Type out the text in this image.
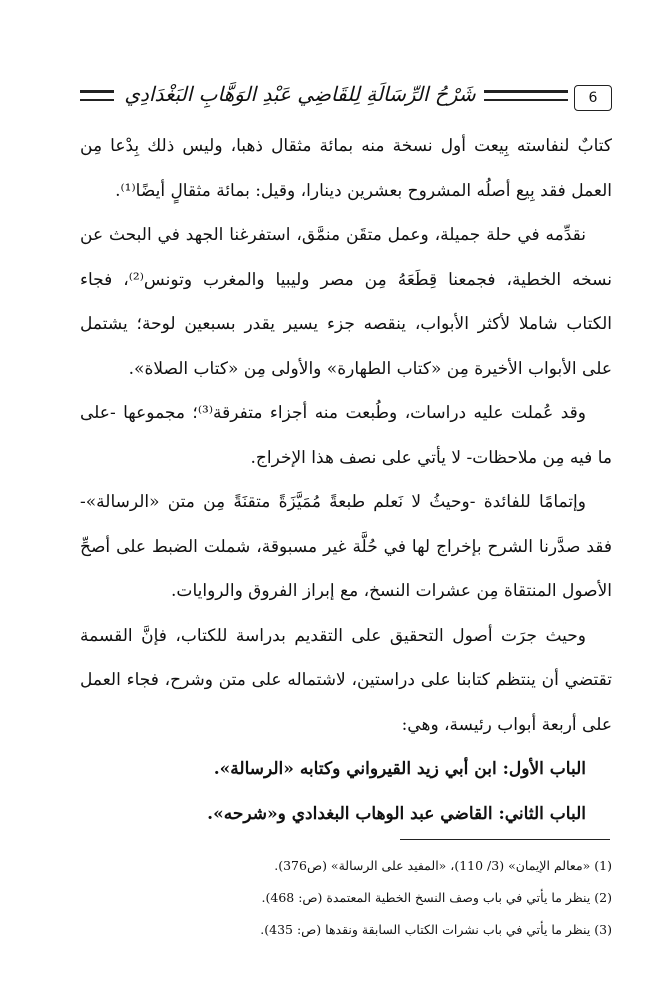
6
شَرْحُ الرِّسَالَةِ لِلقَاضِي عَبْدِ الوَهَّابِ البَغْدَادِي

كتابٌ لنفاسته بِيعت أول نسخة منه بمائة مثقال ذهبا، وليس ذلك بِدْعا مِن العمل فقد بِيع أصلُه المشروح بعشرين دينارا، وقيل: بمائة مثقالٍ أيضًا⁽¹⁾.

نقدِّمه في حلة جميلة، وعمل متقَن منمَّق، استفرغنا الجهد في البحث عن نسخه الخطية، فجمعنا قِطَعَهُ مِن مصر وليبيا والمغرب وتونس⁽²⁾، فجاء الكتاب شاملا لأكثر الأبواب، ينقصه جزء يسير يقدر بسبعين لوحة؛ يشتمل على الأبواب الأخيرة مِن «كتاب الطهارة» والأولى مِن «كتاب الصلاة».

وقد عُملت عليه دراسات، وطُبعت منه أجزاء متفرقة⁽³⁾؛ مجموعها -على ما فيه مِن ملاحظات- لا يأتي على نصف هذا الإخراج.

وإتمامًا للفائدة -وحيثُ لا نَعلم طبعةً مُمَيَّزَةً متقنَةً مِن متن «الرسالة»- فقد صدَّرنا الشرح بإخراج لها في حُلَّة غير مسبوقة، شملت الضبط على أصحِّ الأصول المنتقاة مِن عشرات النسخ، مع إبراز الفروق والروايات.

وحيث جرَت أصول التحقيق على التقديم بدراسة للكتاب، فإنَّ القسمة تقتضي أن ينتظم كتابنا على دراستين، لاشتماله على متن وشرح، فجاء العمل على أربعة أبواب رئيسة، وهي:

الباب الأول: ابن أبي زيد القيرواني وكتابه «الرسالة».
الباب الثاني: القاضي عبد الوهاب البغدادي و«شرحه».
(1) «معالم الإيمان» (3/ 110)، «المفيد على الرسالة» (ص376).
(2) ينظر ما يأتي في باب وصف النسخ الخطية المعتمدة (ص: 468).
(3) ينظر ما يأتي في باب نشرات الكتاب السابقة ونقدها (ص: 435).
